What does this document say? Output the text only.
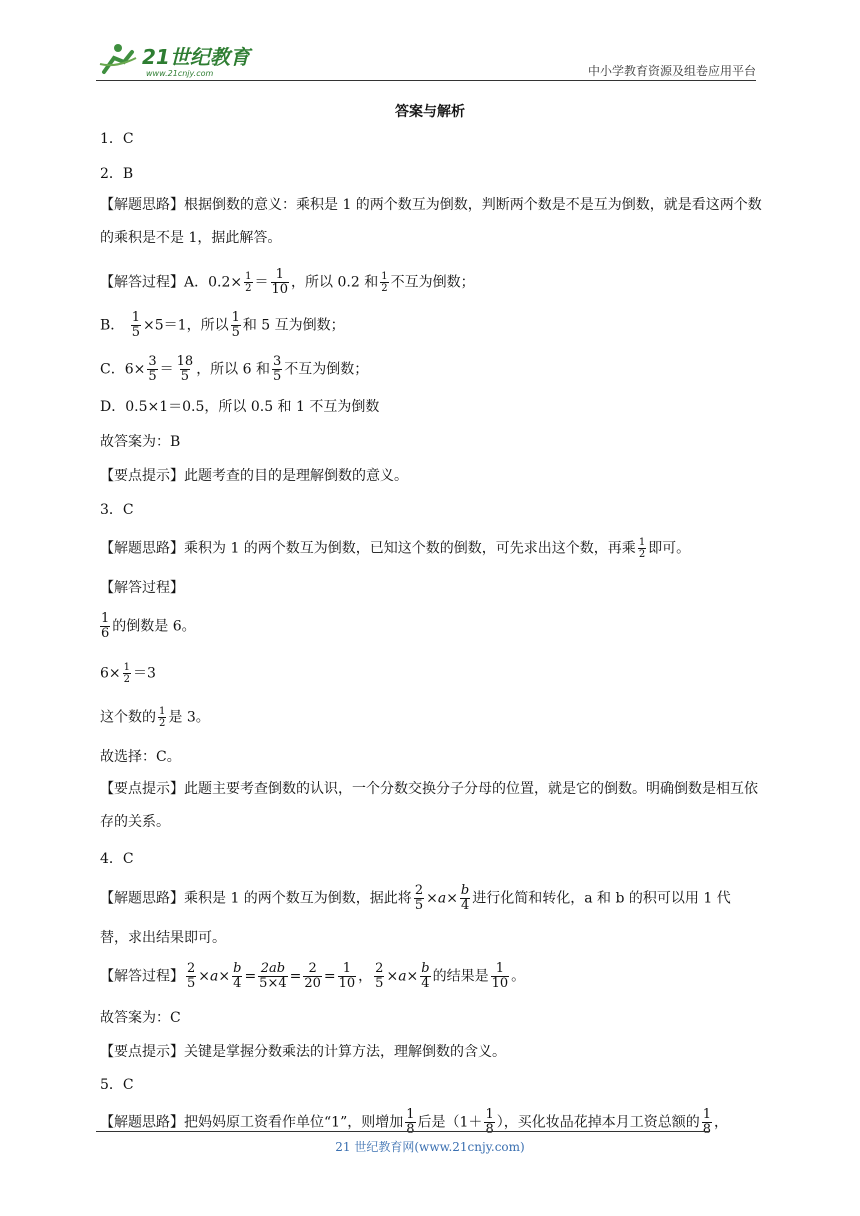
21世纪教育
www.21cnjy.com	中小学教育资源及组卷应用平台
答案与解析
1．C
2．B
【解题思路】根据倒数的意义：乘积是 1 的两个数互为倒数，判断两个数是不是互为倒数，就是看这两个数的乘积是不是 1，据此解答。
【解答过程】A．$0.2\times \frac{1}{2} = \frac{1}{10}$ ，所以 0.2 和 $\frac{1}{2}$ 不互为倒数；
B． $\frac{1}{5} \times 5=1$，所以 $\frac{1}{5}$ 和 5 互为倒数；
C．$6\times \frac{3}{5} = \frac{18}{5}$ ，所以 6 和 $\frac{3}{5}$ 不互为倒数；
D．0.5×1＝0.5，所以 0.5 和 1 不互为倒数
故答案为：B
【要点提示】此题考查的目的是理解倒数的意义。
3．C
【解题思路】乘积为 1 的两个数互为倒数，已知这个数的倒数，可先求出这个数，再乘 $\frac{1}{2}$ 即可。
【解答过程】
$\frac{1}{6}$ 的倒数是 6。
$6\times \frac{1}{2} =3$
这个数的 $\frac{1}{2}$ 是 3。
故选择：C。
【要点提示】此题主要考查倒数的认识，一个分数交换分子分母的位置，就是它的倒数。明确倒数是相互依存的关系。
4．C
【解题思路】乘积是 1 的两个数互为倒数，据此将 $\frac{2}{5} \times a\times \frac{b}{4}$ 进行化简和转化，a 和 b 的积可以用 1 代
替，求出结果即可。
【解答过程】 $\frac{2}{5} \times a\times \frac{b}{4} = \frac{2ab}{5\times 4} = \frac{2}{20} = \frac{1}{10}$ ， $\frac{2}{5} \times a\times \frac{b}{4}$ 的结果是 $\frac{1}{10}$ 。
故答案为：C
【要点提示】关键是掌握分数乘法的计算方法，理解倒数的含义。
5．C
【解题思路】把妈妈原工资看作单位“1”，则增加 $\frac{1}{8}$ 后是（$1+ \frac{1}{8}$ ），买化妆品花掉本月工资总额的 $\frac{1}{8}$ ，
21 世纪教育网(www.21cnjy.com)
